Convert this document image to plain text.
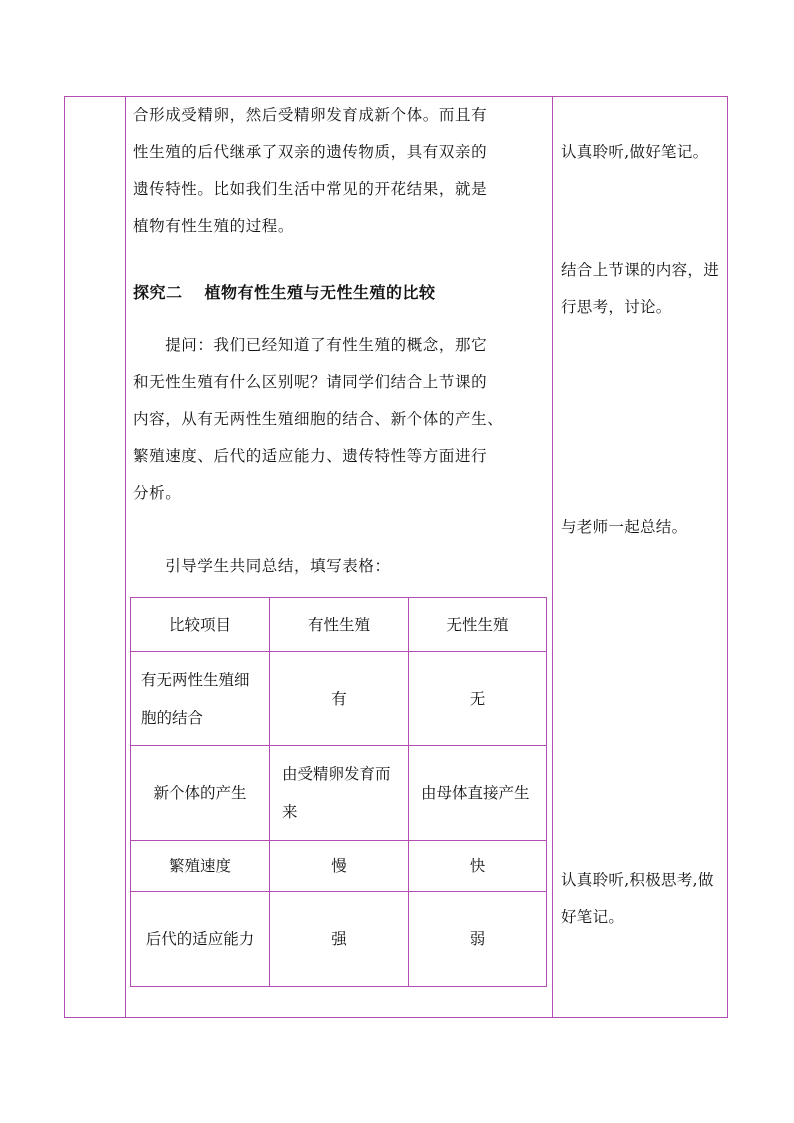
合形成受精卵，然后受精卵发育成新个体。而且有

性生殖的后代继承了双亲的遗传物质，具有双亲的

遗传特性。比如我们生活中常见的开花结果，就是

植物有性生殖的过程。

探究二 植物有性生殖与无性生殖的比较

　　提问：我们已经知道了有性生殖的概念，那它

和无性生殖有什么区别呢？请同学们结合上节课的

内容，从有无两性生殖细胞的结合、新个体的产生、

繁殖速度、后代的适应能力、遗传特性等方面进行

分析。

　　引导学生共同总结，填写表格：

比较项目	有性生殖	无性生殖
有无两性生殖细胞的结合	有	无
新个体的产生	由受精卵发育而来	由母体直接产生
繁殖速度	慢	快
后代的适应能力	强	弱
认真聆听,做好笔记。
结合上节课的内容，进行思考，讨论。
与老师一起总结。
认真聆听,积极思考,做好笔记。
